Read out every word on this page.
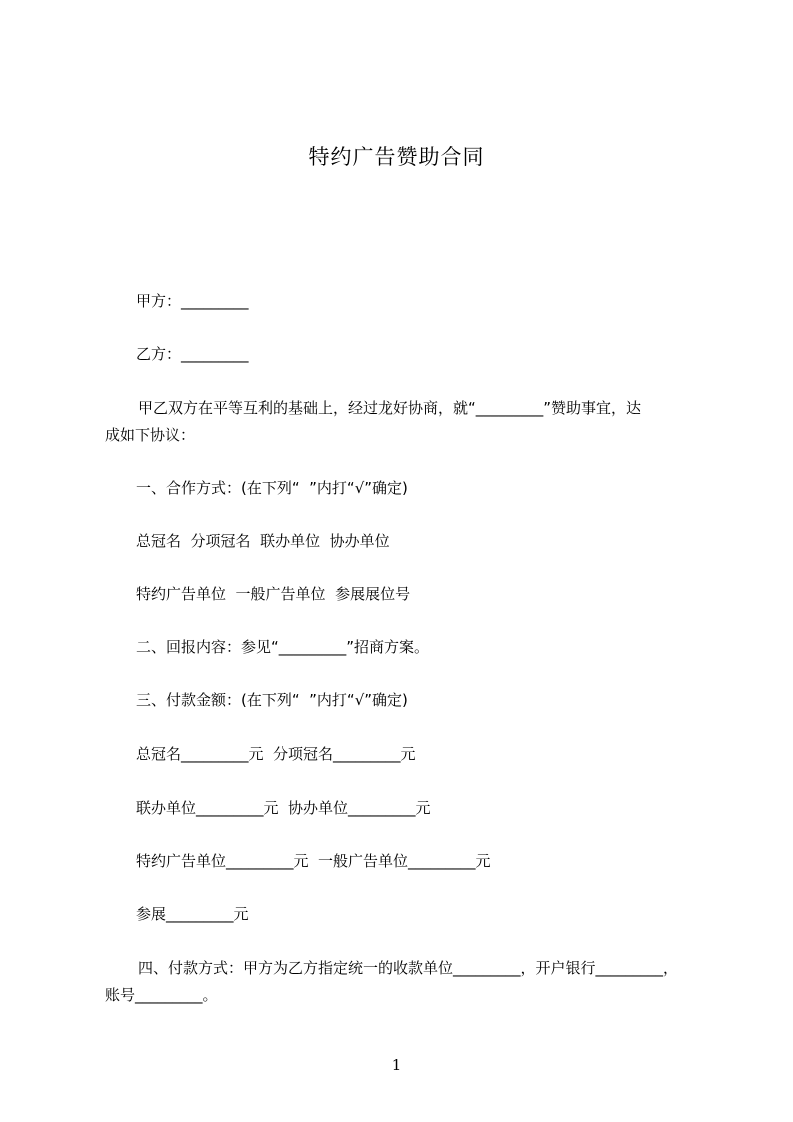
特约广告赞助合同
甲方：_________
乙方：_________
甲乙双方在平等互利的基础上，经过龙好协商，就“_________”赞助事宜，达
成如下协议：
一、合作方式：(在下列“  ”内打“√”确定)
总冠名  分项冠名  联办单位  协办单位
特约广告单位  一般广告单位  参展展位号
二、回报内容：参见“_________”招商方案。
三、付款金额：(在下列“  ”内打“√”确定)
总冠名_________元  分项冠名_________元
联办单位_________元  协办单位_________元
特约广告单位_________元  一般广告单位_________元
参展_________元
四、付款方式：甲方为乙方指定统一的收款单位_________，开户银行_________，
账号_________。
1
